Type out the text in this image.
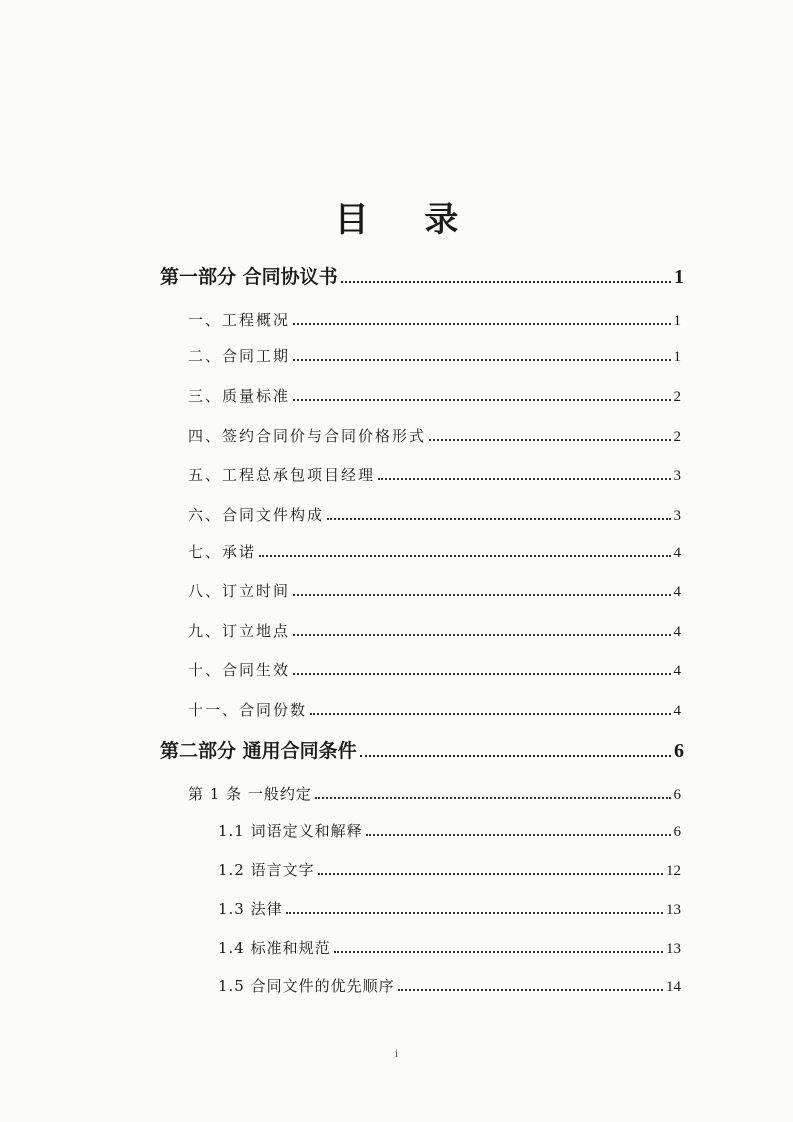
目 录
第一部分 合同协议书	1
一、工程概况	1
二、合同工期	1
三、质量标准	2
四、签约合同价与合同价格形式	2
五、工程总承包项目经理	3
六、合同文件构成	3
七、承诺	4
八、订立时间	4
九、订立地点	4
十、合同生效	4
十一、合同份数	4
第二部分 通用合同条件	6
第 1 条 一般约定	6
1.1 词语定义和解释	6
1.2 语言文字	12
1.3 法律	13
1.4 标准和规范	13
1.5 合同文件的优先顺序	14
i
